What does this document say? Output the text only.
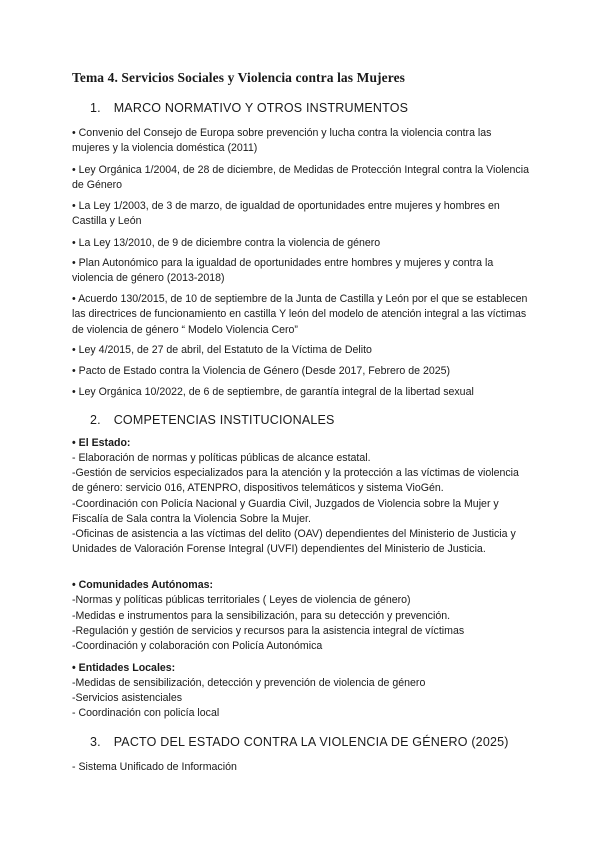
Tema 4. Servicios Sociales y Violencia contra las Mujeres
1. MARCO NORMATIVO Y OTROS INSTRUMENTOS
• Convenio del Consejo de Europa sobre prevención y lucha contra la violencia contra las mujeres y la violencia doméstica (2011)
• Ley Orgánica 1/2004, de 28 de diciembre, de Medidas de Protección Integral contra la Violencia de Género
• La Ley 1/2003, de 3 de marzo, de igualdad de oportunidades entre mujeres y hombres en Castilla y León
• La Ley 13/2010, de 9 de diciembre contra la violencia de género
• Plan Autonómico para la igualdad de oportunidades entre hombres y mujeres y contra la violencia de género (2013-2018)
• Acuerdo 130/2015, de 10 de septiembre de la Junta de Castilla y León por el que se establecen las directrices de funcionamiento en castilla Y león del modelo de atención integral a las víctimas de violencia de género “ Modelo Violencia Cero”
• Ley 4/2015, de 27 de abril, del Estatuto de la Víctima de Delito
• Pacto de Estado contra la Violencia de Género (Desde 2017, Febrero de 2025)
• Ley Orgánica 10/2022, de 6 de septiembre, de garantía integral de la libertad sexual
2. COMPETENCIAS INSTITUCIONALES
• El Estado:
- Elaboración de normas y políticas públicas de alcance estatal.
-Gestión de servicios especializados para la atención y la protección a las víctimas de violencia de género: servicio 016, ATENPRO, dispositivos telemáticos y sistema VioGén.
-Coordinación con Policía Nacional y Guardia Civil, Juzgados de Violencia sobre la Mujer y Fiscalía de Sala contra la Violencia Sobre la Mujer.
-Oficinas de asistencia a las víctimas del delito (OAV) dependientes del Ministerio de Justicia y Unidades de Valoración Forense Integral (UVFI) dependientes del Ministerio de Justicia.
• Comunidades Autónomas:
-Normas y políticas públicas territoriales ( Leyes de violencia de género)
-Medidas e instrumentos para la sensibilización, para su detección y prevención.
-Regulación y gestión de servicios y recursos para la asistencia integral de víctimas
-Coordinación y colaboración con Policía Autonómica
• Entidades Locales:
-Medidas de sensibilización, detección y prevención de violencia de género
-Servicios asistenciales
- Coordinación con policía local
3. PACTO DEL ESTADO CONTRA LA VIOLENCIA DE GÉNERO (2025)
- Sistema Unificado de Información
